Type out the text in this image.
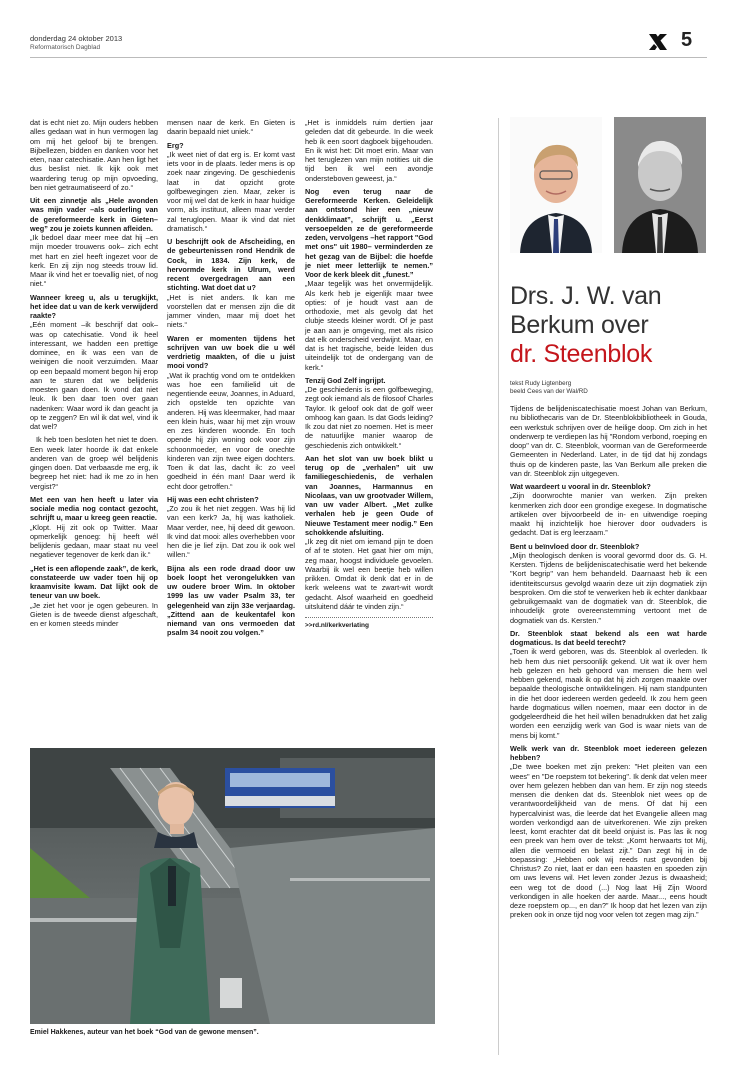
donderdag 24 oktober 2013
Reformatorisch Dagblad	5

dat is echt niet zo. Mijn ouders hebben alles gedaan wat in hun vermogen lag om mij het geloof bij te brengen. Bijbellezen, bidden en danken voor het eten, naar catechisatie. Aan hen ligt het dus beslist niet. Ik kijk ook met waardering terug op mijn opvoeding, ben niet getraumatiseerd of zo.“

Uit een zinnetje als „Hele avonden was mijn vader –als ouderling van de gereformeerde kerk in Gieten– weg” zou je zoiets kunnen afleiden.

„Ik bedoel daar meer mee dat hij –en mijn moeder trouwens ook– zich echt met hart en ziel heeft ingezet voor de kerk. En zij zijn nog steeds trouw lid. Maar ik vind het er toevallig niet, of nog niet.“

Wanneer kreeg u, als u terugkijkt, het idee dat u van de kerk verwijderd raakte?

„Eén moment –ik beschrijf dat ook– was op catechisatie. Vond ik heel interessant, we hadden een prettige dominee, en ik was een van de weinigen die nooit verzuimden. Maar op een bepaald moment begon hij erop aan te sturen dat we belijdenis moesten gaan doen. Ik vond dat niet leuk. Ik ben daar toen over gaan nadenken: Waar word ik dan geacht ja op te zeggen? En wil ik dat wel, vind ik dat wel?

Ik heb toen besloten het niet te doen. Een week later hoorde ik dat enkele anderen van de groep wél belijdenis gingen doen. Dat verbaasde me erg, ik begreep het niet: had ik me zo in hen vergist?“

Met een van hen heeft u later via sociale media nog contact gezocht, schrijft u, maar u kreeg geen reactie.

„Klopt. Hij zit ook op Twitter. Maar opmerkelijk genoeg: hij heeft wél belijdenis gedaan, maar staat nu veel negatiever tegenover de kerk dan ik.“

„Het is een aflopende zaak”, de kerk, constateerde uw vader toen hij op kraamvisite kwam. Dat lijkt ook de teneur van uw boek.

„Je ziet het voor je ogen gebeuren. In Gieten is de tweede dienst afgeschaft, en er komen steeds minder

mensen naar de kerk. En Gieten is daarin bepaald niet uniek.“

Erg?

„Ik weet niet of dat erg is. Er komt vast iets voor in de plaats. Ieder mens is op zoek naar zingeving. De geschiedenis laat in dat opzicht grote golfbewegingen zien. Maar, zeker is voor mij wel dat de kerk in haar huidige vorm, als instituut, alleen maar verder zal teruglopen. Maar ik vind dat niet dramatisch.“

U beschrijft ook de Afscheiding, en de gebeurtenissen rond Hendrik de Cock, in 1834. Zijn kerk, de hervormde kerk in Ulrum, werd recent overgedragen aan een stichting. Wat doet dat u?

„Het is niet anders. Ik kan me voorstellen dat er mensen zijn die dit jammer vinden, maar mij doet het niets.“

Waren er momenten tijdens het schrijven van uw boek die u wél verdrietig maakten, of die u juist mooi vond?

„Wat ik prachtig vond om te ontdekken was hoe een familielid uit de negentiende eeuw, Joannes, in Aduard, zich opstelde ten opzichte van anderen. Hij was kleermaker, had maar een klein huis, waar hij met zijn vrouw en zes kinderen woonde. En toch opende hij zijn woning ook voor zijn schoonmoeder, en voor de onechte kinderen van zijn twee eigen dochters. Toen ik dat las, dacht ik: zo veel goedheid in één man! Daar werd ik echt door getroffen.“

Hij was een echt christen?

„Zo zou ik het niet zeggen. Was hij lid van een kerk? Ja, hij was katholiek. Maar verder, nee, hij deed dit gewoon. Ik vind dat mooi: alles overhebben voor hen die je lief zijn. Dat zou ik ook wel willen.“

Bijna als een rode draad door uw boek loopt het verongelukken van uw oudere broer Wim. In oktober 1999 las uw vader Psalm 33, ter gelegenheid van zijn 33e verjaardag. „Zittend aan de keukentafel kon niemand van ons vermoeden dat psalm 34 nooit zou volgen.”

„Het is inmiddels ruim dertien jaar geleden dat dit gebeurde. In die week heb ik een soort dagboek bijgehouden. En ik wist het: Dit moet erin. Maar van het teruglezen van mijn notities uit die tijd ben ik wel een avondje ondersteboven geweest, ja.“

Nog even terug naar de Gereformeerde Kerken. Geleidelijk aan ontstond hier een „nieuw denkklimaat”, schrijft u. „Eerst versoepelden ze de gereformeerde zeden, vervolgens –het rapport "God met ons" uit 1980– verminderden ze het gezag van de Bijbel: die hoefde je niet meer letterlijk te nemen.” Voor de kerk bleek dit „funest.”

„Maar tegelijk was het onvermijdelijk. Als kerk heb je eigenlijk maar twee opties: of je houdt vast aan de orthodoxie, met als gevolg dat het clubje steeds kleiner wordt. Of je past je aan aan je omgeving, met als risico dat elk onderscheid verdwijnt. Maar, en dat is het tragische, beide leiden dus uiteindelijk tot de ondergang van de kerk.“

Tenzij God Zelf ingrijpt.

„De geschiedenis is een golfbeweging, zegt ook iemand als de filosoof Charles Taylor. Ik geloof ook dat de golf weer omhoog kan gaan. Is dat Gods leiding? Ik zou dat niet zo noemen. Het is meer de natuurlijke manier waarop de geschiedenis zich ontwikkelt.“

Aan het slot van uw boek blikt u terug op de „verhalen” uit uw familiegeschiedenis, de verhalen van Joannes, Harmannus en Nicolaas, van uw grootvader Willem, van uw vader Albert. „Met zulke verhalen heb je geen Oude of Nieuwe Testament meer nodig.” Een schokkende afsluiting.

„Ik zeg dit niet om iemand pijn te doen of af te stoten. Het gaat hier om mijn, zeg maar, hoogst individuele gevoelen. Waarbij ik wel een beetje heb willen prikken. Omdat ik denk dat er in de kerk weleens wat te zwart-wit wordt gedacht. Alsof waarheid en goedheid uitsluitend dáár te vinden zijn.“

>>rd.nl/kerkverlating
Emiel Hakkenes, auteur van het boek “God van de gewone mensen”.
Drs. J. W. van
Berkum over
dr. Steenblok
tekst Rudy Ligtenberg
beeld Cees van der Wal/RD

Tijdens de belijdeniscatechisatie moest Johan van Berkum, nu bibliothecaris van de Dr. Steenblokbibliotheek in Gouda, een werkstuk schrijven over de heilige doop. Om zich in het onderwerp te verdiepen las hij "Rondom verbond, roeping en doop" van dr. C. Steenblok, voorman van de Gereformeerde Gemeenten in Nederland. Later, in de tijd dat hij zondags thuis op de kinderen paste, las Van Berkum alle preken die van dr. Steenblok zijn uitgegeven.

Wat waardeert u vooral in dr. Steenblok?

„Zijn doorwrochte manier van werken. Zijn preken kenmerken zich door een grondige exegese. In dogmatische artikelen over bijvoorbeeld de in- en uitwendige roeping maakt hij inzichtelijk hoe hierover door oudvaders is gedacht. Dat is erg leerzaam.”

Bent u beïnvloed door dr. Steenblok?

„Mijn theologisch denken is vooral gevormd door ds. G. H. Kersten. Tijdens de belijdeniscatechisatie werd het bekende "Kort begrip" van hem behandeld. Daarnaast heb ik een identiteitscursus gevolgd waarin deze uit zijn dogmatiek zijn besproken. Om die stof te verwerken heb ik echter dankbaar gebruikgemaakt van de dogmatiek van dr. Steenblok, die inhoudelijk grote overeenstemming vertoont met de dogmatiek van ds. Kersten.”

Dr. Steenblok staat bekend als een wat harde dogmaticus. Is dat beeld terecht?

„Toen ik werd geboren, was ds. Steenblok al overleden. Ik heb hem dus niet persoonlijk gekend. Uit wat ik over hem heb gelezen en heb gehoord van mensen die hem wel hebben gekend, maak ik op dat hij zich zorgen maakte over bepaalde theologische ontwikkelingen. Hij nam standpunten in die het door iedereen werden gedeeld. Ik zou hem geen harde dogmaticus willen noemen, maar een doctor in de godgeleerdheid die het heil willen benadrukken dat het zalig worden een eenzijdig werk van God is waar niets van de mens bij komt.”

Welk werk van dr. Steenblok moet iedereen gelezen hebben?

„De twee boeken met zijn preken: "Het pleiten van een wees" en "De roepstem tot bekering". Ik denk dat velen meer over hem gelezen hebben dan van hem. Er zijn nog steeds mensen die denken dat ds. Steenblok niet wees op de verantwoordelijkheid van de mens. Of dat hij een hypercalvinist was, die leerde dat het Evangelie alleen mag worden verkondigd aan de uitverkorenen. Wie zijn preken leest, komt erachter dat dit beeld onjuist is. Pas las ik nog een preek van hem over de tekst: „Komt herwaarts tot Mij, allen die vermoeid en belast zijt.” Dan zegt hij in de toepassing: „Hebben ook wij reeds rust gevonden bij Christus? Zo niet, laat er dan een haasten en spoeden zijn om uws levens wil. Het leven zonder Jezus is dwaasheid; een weg tot de dood (...) Nog laat Hij Zijn Woord verkondigen in alle hoeken der aarde. Maar..., eens houdt deze roepstem op..., en dan?” Ik hoop dat het lezen van zijn preken ook in onze tijd nog voor velen tot zegen mag zijn.”
